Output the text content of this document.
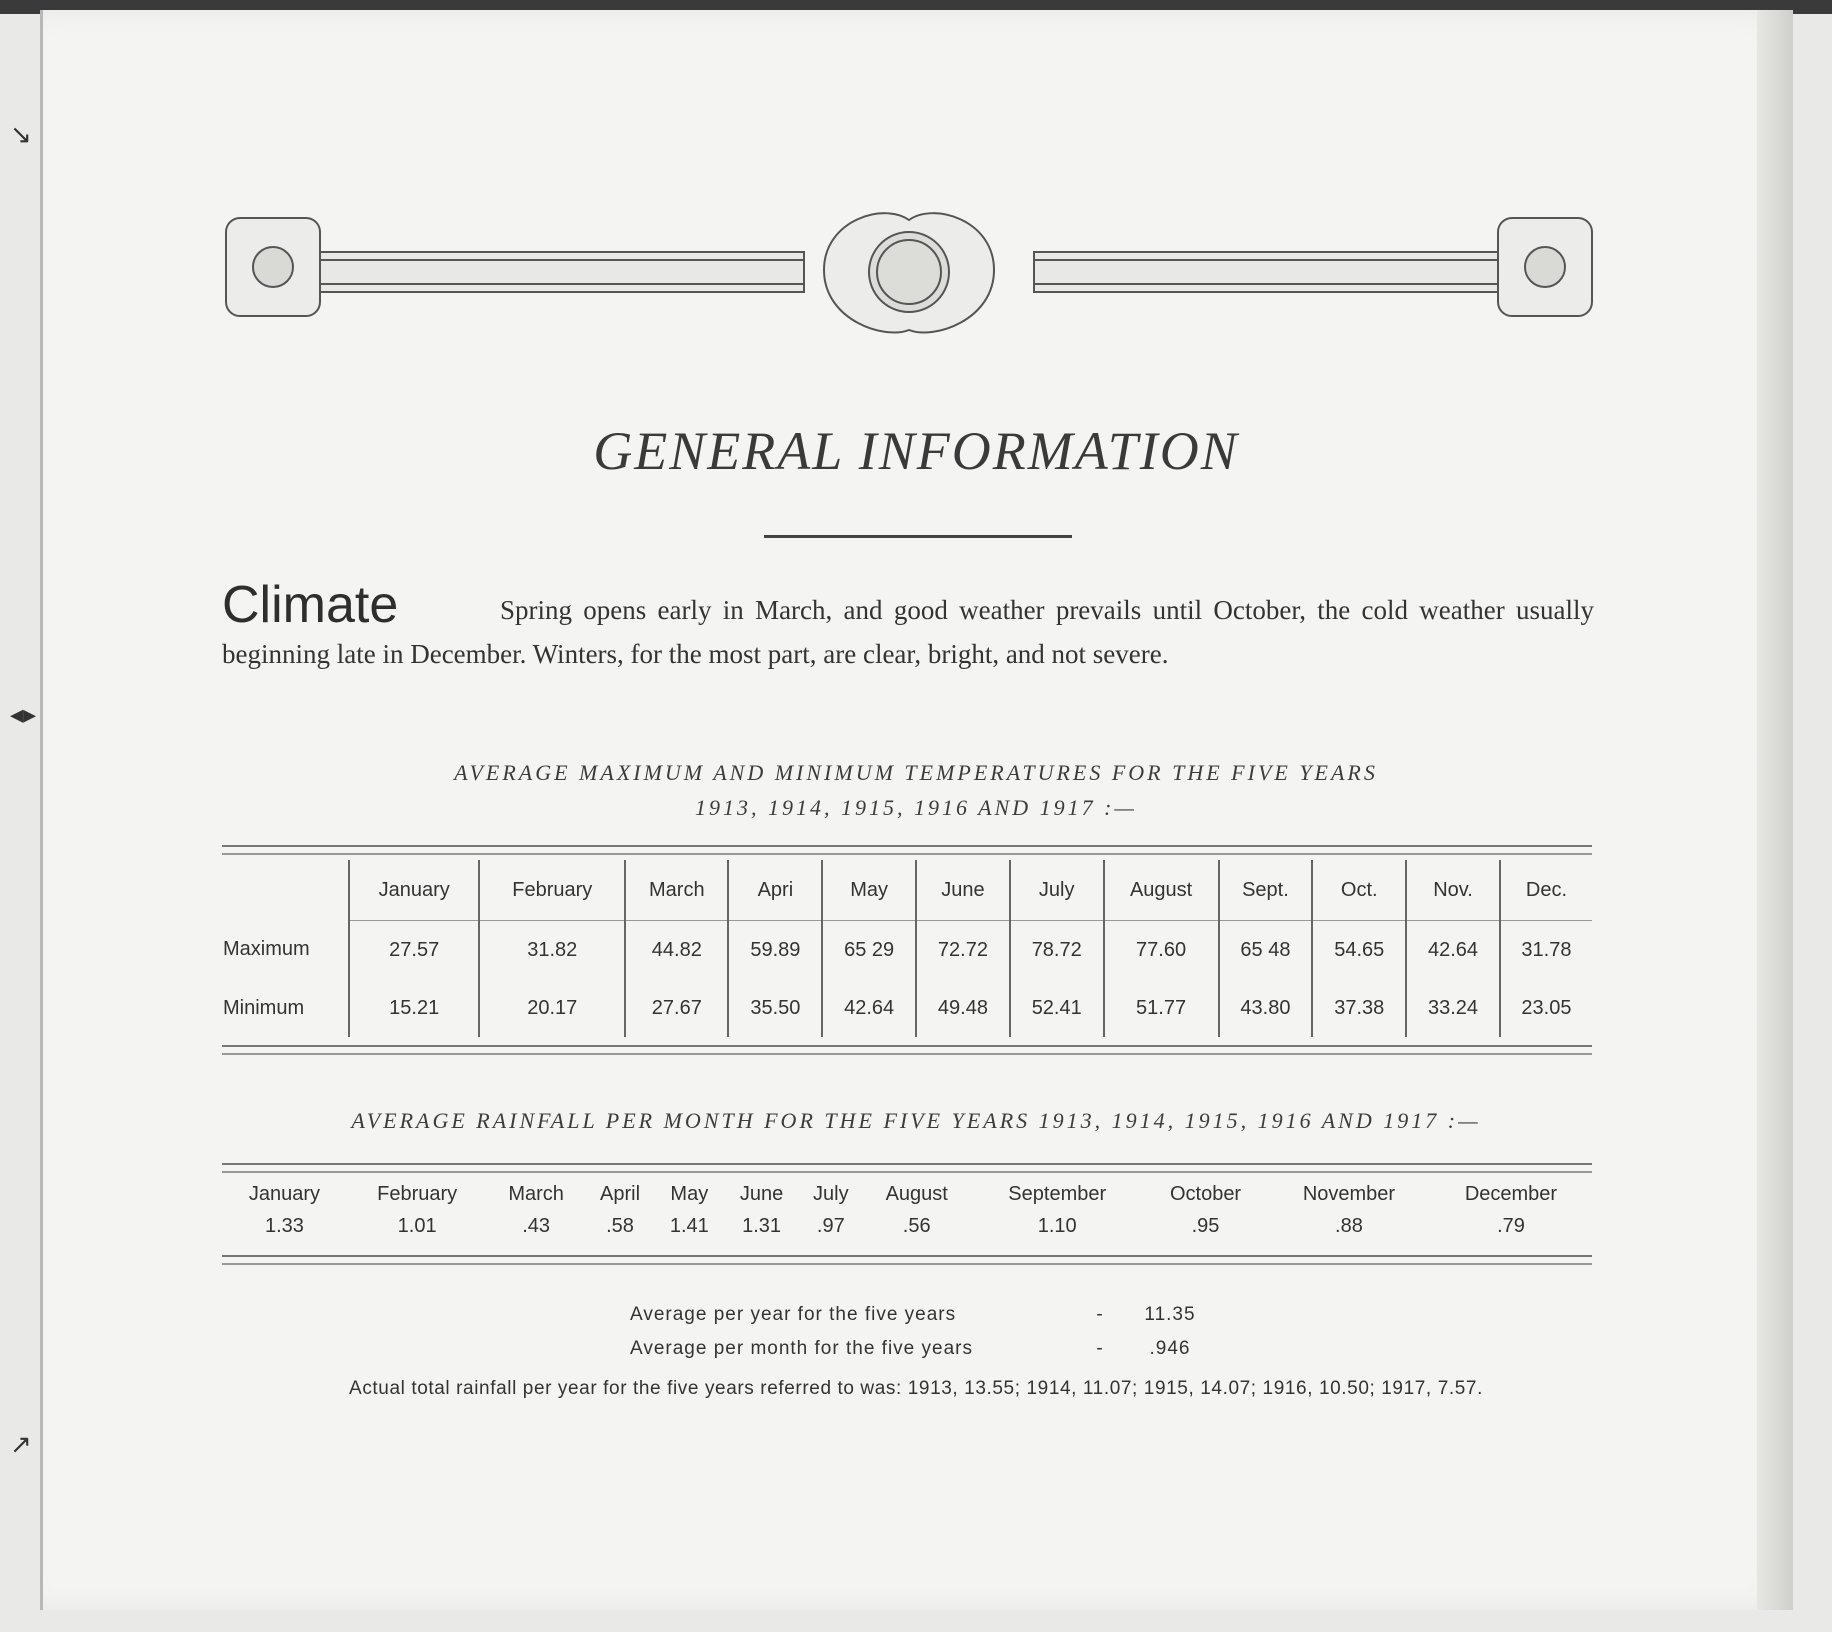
↘
◂▸
↗
GENERAL INFORMATION
Climate	Spring opens early in March, and good weather prevails until October, the cold weather usually beginning late in December. Winters, for the most part, are clear, bright, and not severe.
AVERAGE MAXIMUM AND MINIMUM TEMPERATURES FOR THE FIVE YEARS
1913, 1914, 1915, 1916 AND 1917 :—
	January	February	March	Apri	May	June	July	August	Sept.	Oct.	Nov.	Dec.
Maximum	27.57	31.82	44.82	59.89	65 29	72.72	78.72	77.60	65 48	54.65	42.64	31.78
Minimum	15.21	20.17	27.67	35.50	42.64	49.48	52.41	51.77	43.80	37.38	33.24	23.05
AVERAGE RAINFALL PER MONTH FOR THE FIVE YEARS 1913, 1914, 1915, 1916 AND 1917 :—
January	February	March	April	May	June	July	August	September	October	November	December
1.33	1.01	.43	.58	1.41	1.31	.97	.56	1.10	.95	.88	.79
Average per year for the five years	-	11.35
Average per month for the five years	-	.946
Actual total rainfall per year for the five years referred to was: 1913, 13.55; 1914, 11.07; 1915, 14.07; 1916, 10.50; 1917, 7.57.
